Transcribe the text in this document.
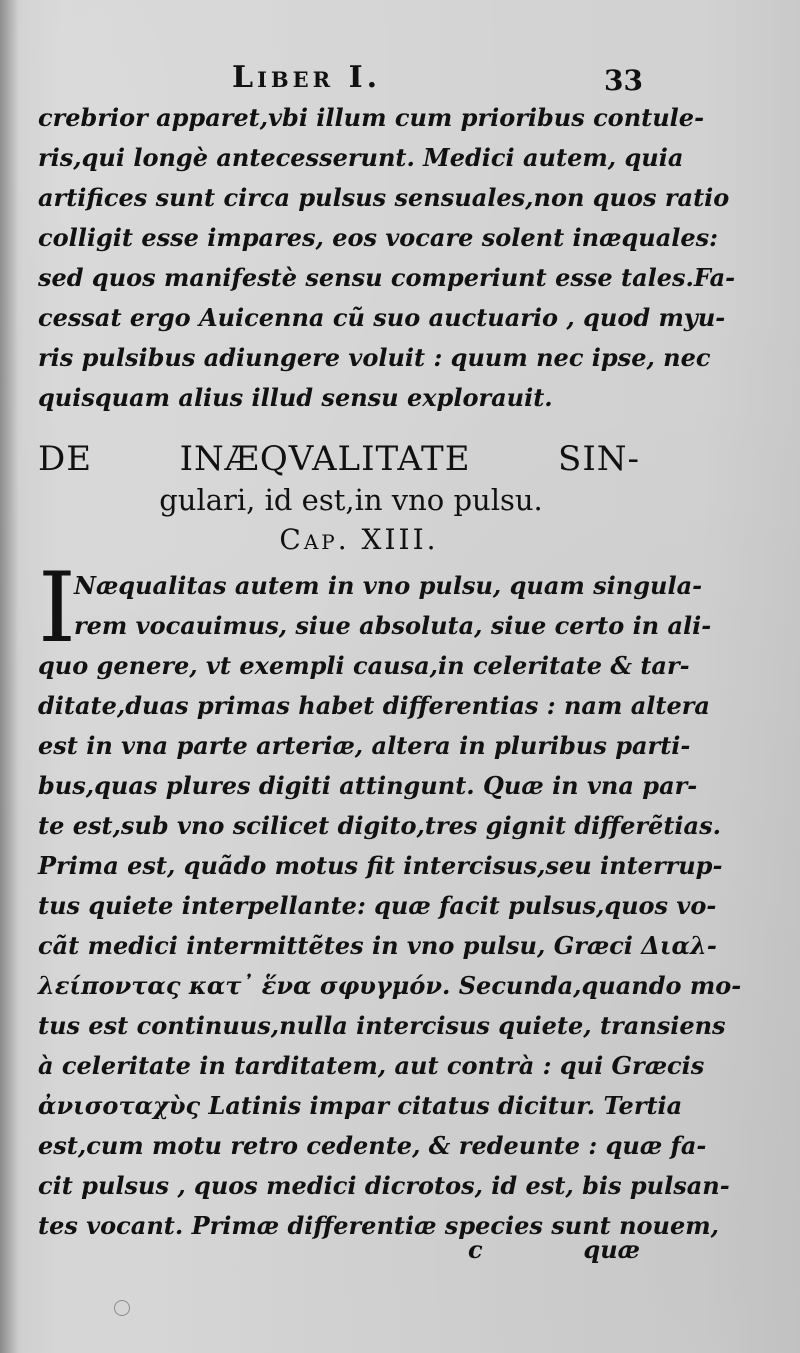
Liber I.	33
crebrior apparet,vbi illum cum prioribus contule-
ris,qui longè antecesserunt. Medici autem, quia
artifices sunt circa pulsus sensuales,non quos ratio
colligit esse impares, eos vocare solent inæquales:
sed quos manifestè sensu comperiunt esse tales.Fa-
cessat ergo Auicenna cũ suo auctuario , quod myu-
ris pulsibus adiungere voluit : quum nec ipse, nec
quisquam alius illud sensu explorauit.
DE INÆQVALITATE SIN-
gulari, id est,in vno pulsu.
Cap. XIII.
I
Næqualitas autem in vno pulsu, quam singula-
rem vocauimus, siue absoluta, siue certo in ali-
quo genere, vt exempli causa,in celeritate & tar-
ditate,duas primas habet differentias : nam altera
est in vna parte arteriæ, altera in pluribus parti-
bus,quas plures digiti attingunt. Quæ in vna par-
te est,sub vno scilicet digito,tres gignit differẽtias.
Prima est, quãdo motus fit intercisus,seu interrup-
tus quiete interpellante: quæ facit pulsus,quos vo-
cãt medici intermittẽtes in vno pulsu, Græci Διαλ-
λείποντας κατ᾽ ἕνα σφυγμόν. Secunda,quando mo-
tus est continuus,nulla intercisus quiete, transiens
à celeritate in tarditatem, aut contrà : qui Græcis
ἀνισοταχὺς Latinis impar citatus dicitur. Tertia
est,cum motu retro cedente, & redeunte : quæ fa-
cit pulsus , quos medici dicrotos, id est, bis pulsan-
tes vocant. Primæ differentiæ species sunt nouem,
c	quæ
